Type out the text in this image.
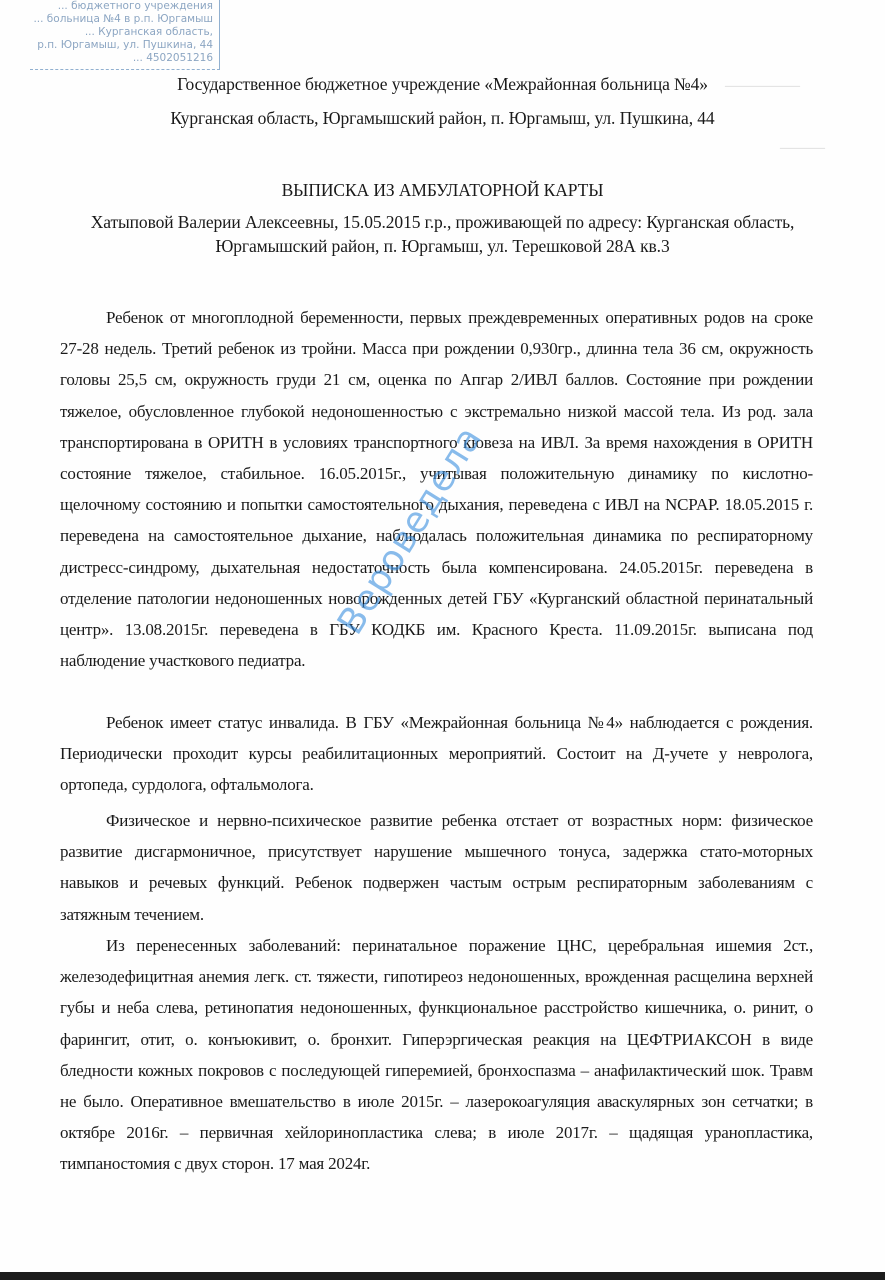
—————
———
... бюджетного учреждения
... больница №4 в р.п. Юргамыш
... Курганская область,
р.п. Юргамыш, ул. Пушкина, 44
... 4502051216
Государственное бюджетное учреждение «Межрайонная больница №4»
Курганская область, Юргамышский район, п. Юргамыш, ул. Пушкина, 44
ВЫПИСКА ИЗ АМБУЛАТОРНОЙ КАРТЫ
Хатыповой Валерии Алексеевны, 15.05.2015 г.р., проживающей по адресу: Курганская область,
Юргамышский район, п. Юргамыш, ул. Терешковой 28А кв.3
Ребенок от многоплодной беременности, первых преждевременных оперативных родов на сроке 27-28 недель. Третий ребенок из тройни. Масса при рождении 0,930гр., длинна тела 36 см, окружность головы 25,5 см, окружность груди 21 см, оценка по Апгар 2/ИВЛ баллов. Состояние при рождении тяжелое, обусловленное глубокой недоношенностью с экстремально низкой массой тела. Из род. зала транспортирована в ОРИТН в условиях транспортного кювеза на ИВЛ. За время нахождения в ОРИТН состояние тяжелое, стабильное. 16.05.2015г., учитывая положительную динамику по кислотно-щелочному состоянию и попытки самостоятельного дыхания, переведена с ИВЛ на NCPAP. 18.05.2015 г. переведена на самостоятельное дыхание, наблюдалась положительная динамика по респираторному дистресс-синдрому, дыхательная недостаточность была компенсирована. 24.05.2015г. переведена в отделение патологии недоношенных новорожденных детей ГБУ «Курганский областной перинатальный центр». 13.08.2015г. переведена в ГБУ КОДКБ им. Красного Креста. 11.09.2015г. выписана под наблюдение участкового педиатра.
Ребенок имеет статус инвалида. В ГБУ «Межрайонная больница №4» наблюдается с рождения. Периодически проходит курсы реабилитационных мероприятий. Состоит на Д-учете у невролога, ортопеда, сурдолога, офтальмолога.
Физическое и нервно-психическое развитие ребенка отстает от возрастных норм: физическое развитие дисгармоничное, присутствует нарушение мышечного тонуса, задержка стато-моторных навыков и речевых функций. Ребенок подвержен частым острым респираторным заболеваниям с затяжным течением.
Из перенесенных заболеваний: перинатальное поражение ЦНС, церебральная ишемия 2ст., железодефицитная анемия легк. ст. тяжести, гипотиреоз недоношенных, врожденная расщелина верхней губы и неба слева, ретинопатия недоношенных, функциональное расстройство кишечника, о. ринит, о фарингит, отит, о. конъюкивит, о. бронхит. Гиперэргическая реакция на ЦЕФТРИАКСОН в виде бледности кожных покровов с последующей гиперемией, бронхоспазма – анафилактический шок. Травм не было. Оперативное вмешательство в июле 2015г. – лазерокоагуляция аваскулярных зон сетчатки; в октябре 2016г. – первичная хейлоринопластика слева; в июле 2017г. – щадящая уранопластика, тимпаностомия с двух сторон. 17 мая 2024г.
Вероведела
